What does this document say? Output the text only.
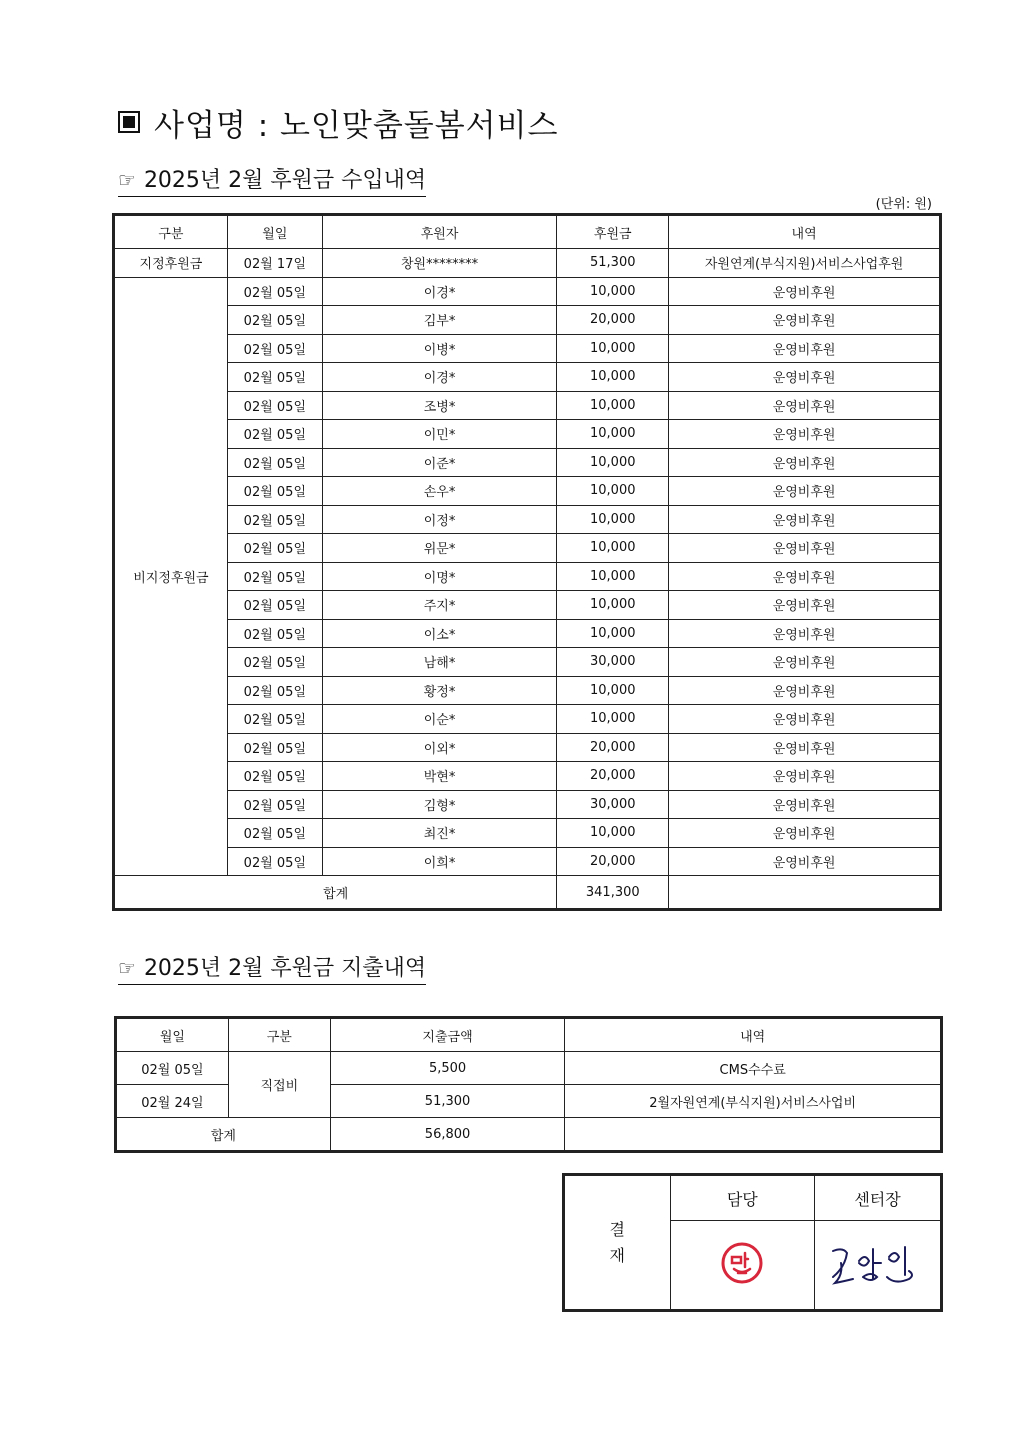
사업명 : 노인맞춤돌봄서비스
☞ 2025년 2월 후원금 수입내역
(단위: 원)
구분	월일	후원자	후원금	내역
지정후원금	02월 17일	창원********	51,300	자원연계(부식지원)서비스사업후원
비지정후원금	02월 05일	이경*	10,000	운영비후원
	02월 05일	김부*	20,000	운영비후원
	02월 05일	이병*	10,000	운영비후원
	02월 05일	이경*	10,000	운영비후원
	02월 05일	조병*	10,000	운영비후원
	02월 05일	이민*	10,000	운영비후원
	02월 05일	이준*	10,000	운영비후원
	02월 05일	손우*	10,000	운영비후원
	02월 05일	이정*	10,000	운영비후원
	02월 05일	위문*	10,000	운영비후원
	02월 05일	이명*	10,000	운영비후원
	02월 05일	주지*	10,000	운영비후원
	02월 05일	이소*	10,000	운영비후원
	02월 05일	남해*	30,000	운영비후원
	02월 05일	황정*	10,000	운영비후원
	02월 05일	이순*	10,000	운영비후원
	02월 05일	이외*	20,000	운영비후원
	02월 05일	박현*	20,000	운영비후원
	02월 05일	김형*	30,000	운영비후원
	02월 05일	최진*	10,000	운영비후원
	02월 05일	이희*	20,000	운영비후원
합계			341,300	
☞ 2025년 2월 후원금 지출내역
월일	구분	지출금액	내역
02월 05일	직접비	5,500	CMS수수료
02월 24일		51,300	2월자원연계(부식지원)서비스사업비
합계		56,800	
결
재	담당	센터장
